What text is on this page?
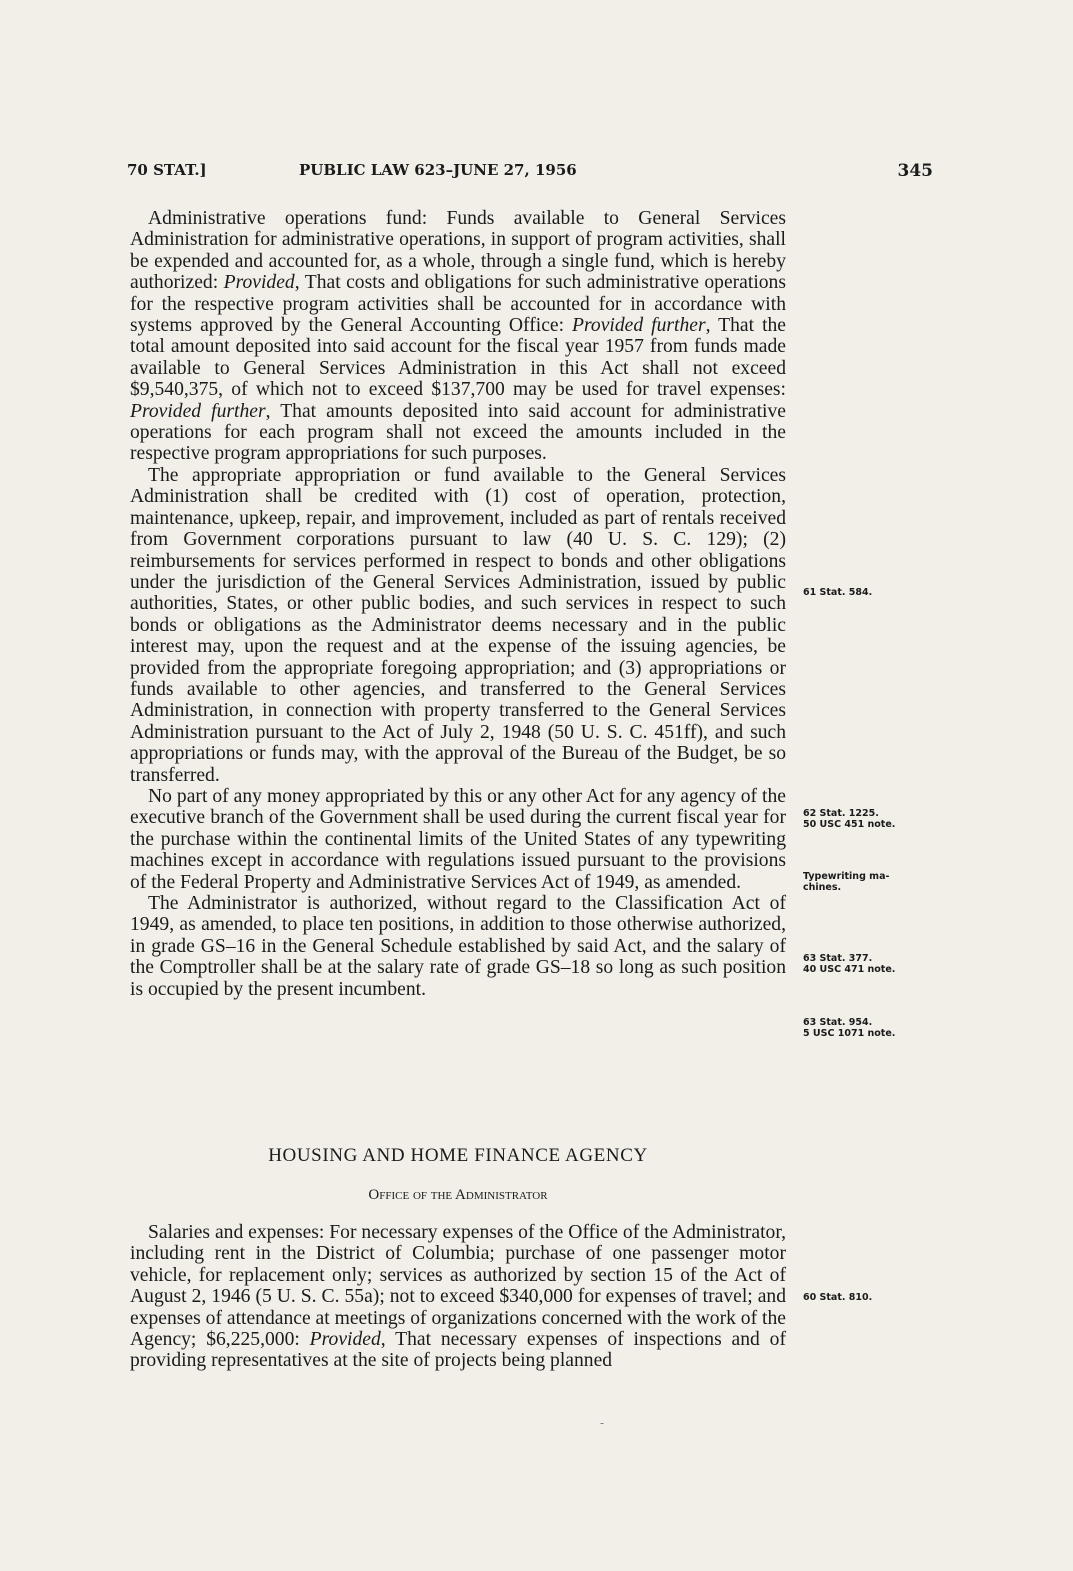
70 STAT.]	PUBLIC LAW 623–JUNE 27, 1956	345

Administrative operations fund: Funds available to General Services Administration for administrative operations, in support of program activities, shall be expended and accounted for, as a whole, through a single fund, which is hereby authorized: Provided, That costs and obligations for such administrative operations for the respective program activities shall be accounted for in accordance with systems approved by the General Accounting Office: Provided further, That the total amount deposited into said account for the fiscal year 1957 from funds made available to General Services Administration in this Act shall not exceed $9,540,375, of which not to exceed $137,700 may be used for travel expenses: Provided further, That amounts deposited into said account for administrative operations for each program shall not exceed the amounts included in the respective program appropriations for such purposes.

The appropriate appropriation or fund available to the General Services Administration shall be credited with (1) cost of operation, protection, maintenance, upkeep, repair, and improvement, included as part of rentals received from Government corporations pursuant to law (40 U. S. C. 129); (2) reimbursements for services performed in respect to bonds and other obligations under the jurisdiction of the General Services Administration, issued by public authorities, States, or other public bodies, and such services in respect to such bonds or obligations as the Administrator deems necessary and in the public interest may, upon the request and at the expense of the issuing agencies, be provided from the appropriate foregoing appropriation; and (3) appropriations or funds available to other agencies, and transferred to the General Services Administration, in connection with property transferred to the General Services Administration pursuant to the Act of July 2, 1948 (50 U. S. C. 451ff), and such appropriations or funds may, with the approval of the Bureau of the Budget, be so transferred.

No part of any money appropriated by this or any other Act for any agency of the executive branch of the Government shall be used during the current fiscal year for the purchase within the continental limits of the United States of any typewriting machines except in accordance with regulations issued pursuant to the provisions of the Federal Property and Administrative Services Act of 1949, as amended.

The Administrator is authorized, without regard to the Classification Act of 1949, as amended, to place ten positions, in addition to those otherwise authorized, in grade GS–16 in the General Schedule established by said Act, and the salary of the Comptroller shall be at the salary rate of grade GS–18 so long as such position is occupied by the present incumbent.

HOUSING AND HOME FINANCE AGENCY
Office of the Administrator

Salaries and expenses: For necessary expenses of the Office of the Administrator, including rent in the District of Columbia; purchase of one passenger motor vehicle, for replacement only; services as authorized by section 15 of the Act of August 2, 1946 (5 U. S. C. 55a); not to exceed $340,000 for expenses of travel; and expenses of attendance at meetings of organizations concerned with the work of the Agency; $6,225,000: Provided, That necessary expenses of inspections and of providing representatives at the site of projects being planned

61 Stat. 584.
62 Stat. 1225.
50 USC 451 note.
Typewriting ma-
chines.
63 Stat. 377.
40 USC 471 note.
63 Stat. 954.
5 USC 1071 note.
60 Stat. 810.
-
